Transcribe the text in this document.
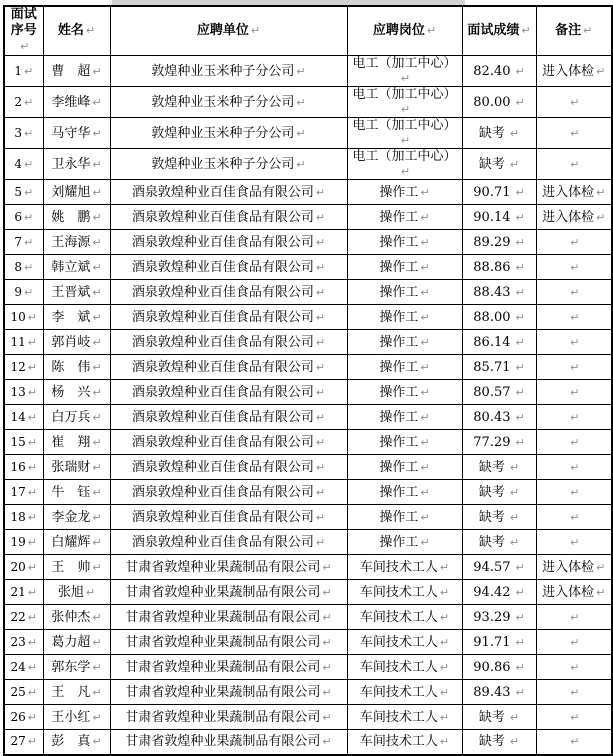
面试序号↵	姓名 ↵	应聘单位 ↵	应聘岗位 ↵	面试成绩 ↵	备注 ↵
1 ↵	曹　超 ↵	敦煌种业玉米种子分公司 ↵	电工（加工中心）↵	82.40 ↵	进入体检 ↵
2 ↵	李维峰 ↵	敦煌种业玉米种子分公司 ↵	电工（加工中心）↵	80.00 ↵	↵
3 ↵	马守华 ↵	敦煌种业玉米种子分公司 ↵	电工（加工中心）↵	缺考 ↵	↵
4 ↵	卫永华 ↵	敦煌种业玉米种子分公司 ↵	电工（加工中心）↵	缺考 ↵	↵
5 ↵	刘耀旭 ↵	酒泉敦煌种业百佳食品有限公司 ↵	操作工 ↵	90.71 ↵	进入体检 ↵
6 ↵	姚　鹏 ↵	酒泉敦煌种业百佳食品有限公司 ↵	操作工 ↵	90.14 ↵	进入体检 ↵
7 ↵	王海源 ↵	酒泉敦煌种业百佳食品有限公司 ↵	操作工 ↵	89.29 ↵	↵
8 ↵	韩立斌 ↵	酒泉敦煌种业百佳食品有限公司 ↵	操作工 ↵	88.86 ↵	↵
9 ↵	王晋斌 ↵	酒泉敦煌种业百佳食品有限公司 ↵	操作工 ↵	88.43 ↵	↵
10 ↵	李　斌 ↵	酒泉敦煌种业百佳食品有限公司 ↵	操作工 ↵	88.00 ↵	↵
11 ↵	郭肖岐 ↵	酒泉敦煌种业百佳食品有限公司 ↵	操作工 ↵	86.14 ↵	↵
12 ↵	陈　伟 ↵	酒泉敦煌种业百佳食品有限公司 ↵	操作工 ↵	85.71 ↵	↵
13 ↵	杨　兴 ↵	酒泉敦煌种业百佳食品有限公司 ↵	操作工 ↵	80.57 ↵	↵
14 ↵	白万兵 ↵	酒泉敦煌种业百佳食品有限公司 ↵	操作工 ↵	80.43 ↵	↵
15 ↵	崔　翔 ↵	酒泉敦煌种业百佳食品有限公司 ↵	操作工 ↵	77.29 ↵	↵
16 ↵	张瑞财 ↵	酒泉敦煌种业百佳食品有限公司 ↵	操作工 ↵	缺考 ↵	↵
17 ↵	牛　钰 ↵	酒泉敦煌种业百佳食品有限公司 ↵	操作工 ↵	缺考 ↵	↵
18 ↵	李金龙 ↵	酒泉敦煌种业百佳食品有限公司 ↵	操作工 ↵	缺考 ↵	↵
19 ↵	白耀辉 ↵	酒泉敦煌种业百佳食品有限公司 ↵	操作工 ↵	缺考 ↵	↵
20 ↵	王　帅 ↵	甘肃省敦煌种业果蔬制品有限公司 ↵	车间技术工人 ↵	94.57 ↵	进入体检 ↵
21 ↵	张旭 ↵	甘肃省敦煌种业果蔬制品有限公司 ↵	车间技术工人 ↵	94.42 ↵	进入体检 ↵
22 ↵	张仲杰 ↵	甘肃省敦煌种业果蔬制品有限公司 ↵	车间技术工人 ↵	93.29 ↵	↵
23 ↵	葛力超 ↵	甘肃省敦煌种业果蔬制品有限公司 ↵	车间技术工人 ↵	91.71 ↵	↵
24 ↵	郭东学 ↵	甘肃省敦煌种业果蔬制品有限公司 ↵	车间技术工人 ↵	90.86 ↵	↵
25 ↵	王　凡 ↵	甘肃省敦煌种业果蔬制品有限公司 ↵	车间技术工人 ↵	89.43 ↵	↵
26 ↵	王小红 ↵	甘肃省敦煌种业果蔬制品有限公司 ↵	车间技术工人 ↵	缺考 ↵	↵
27 ↵	彭　真 ↵	甘肃省敦煌种业果蔬制品有限公司 ↵	车间技术工人 ↵	缺考 ↵	↵
